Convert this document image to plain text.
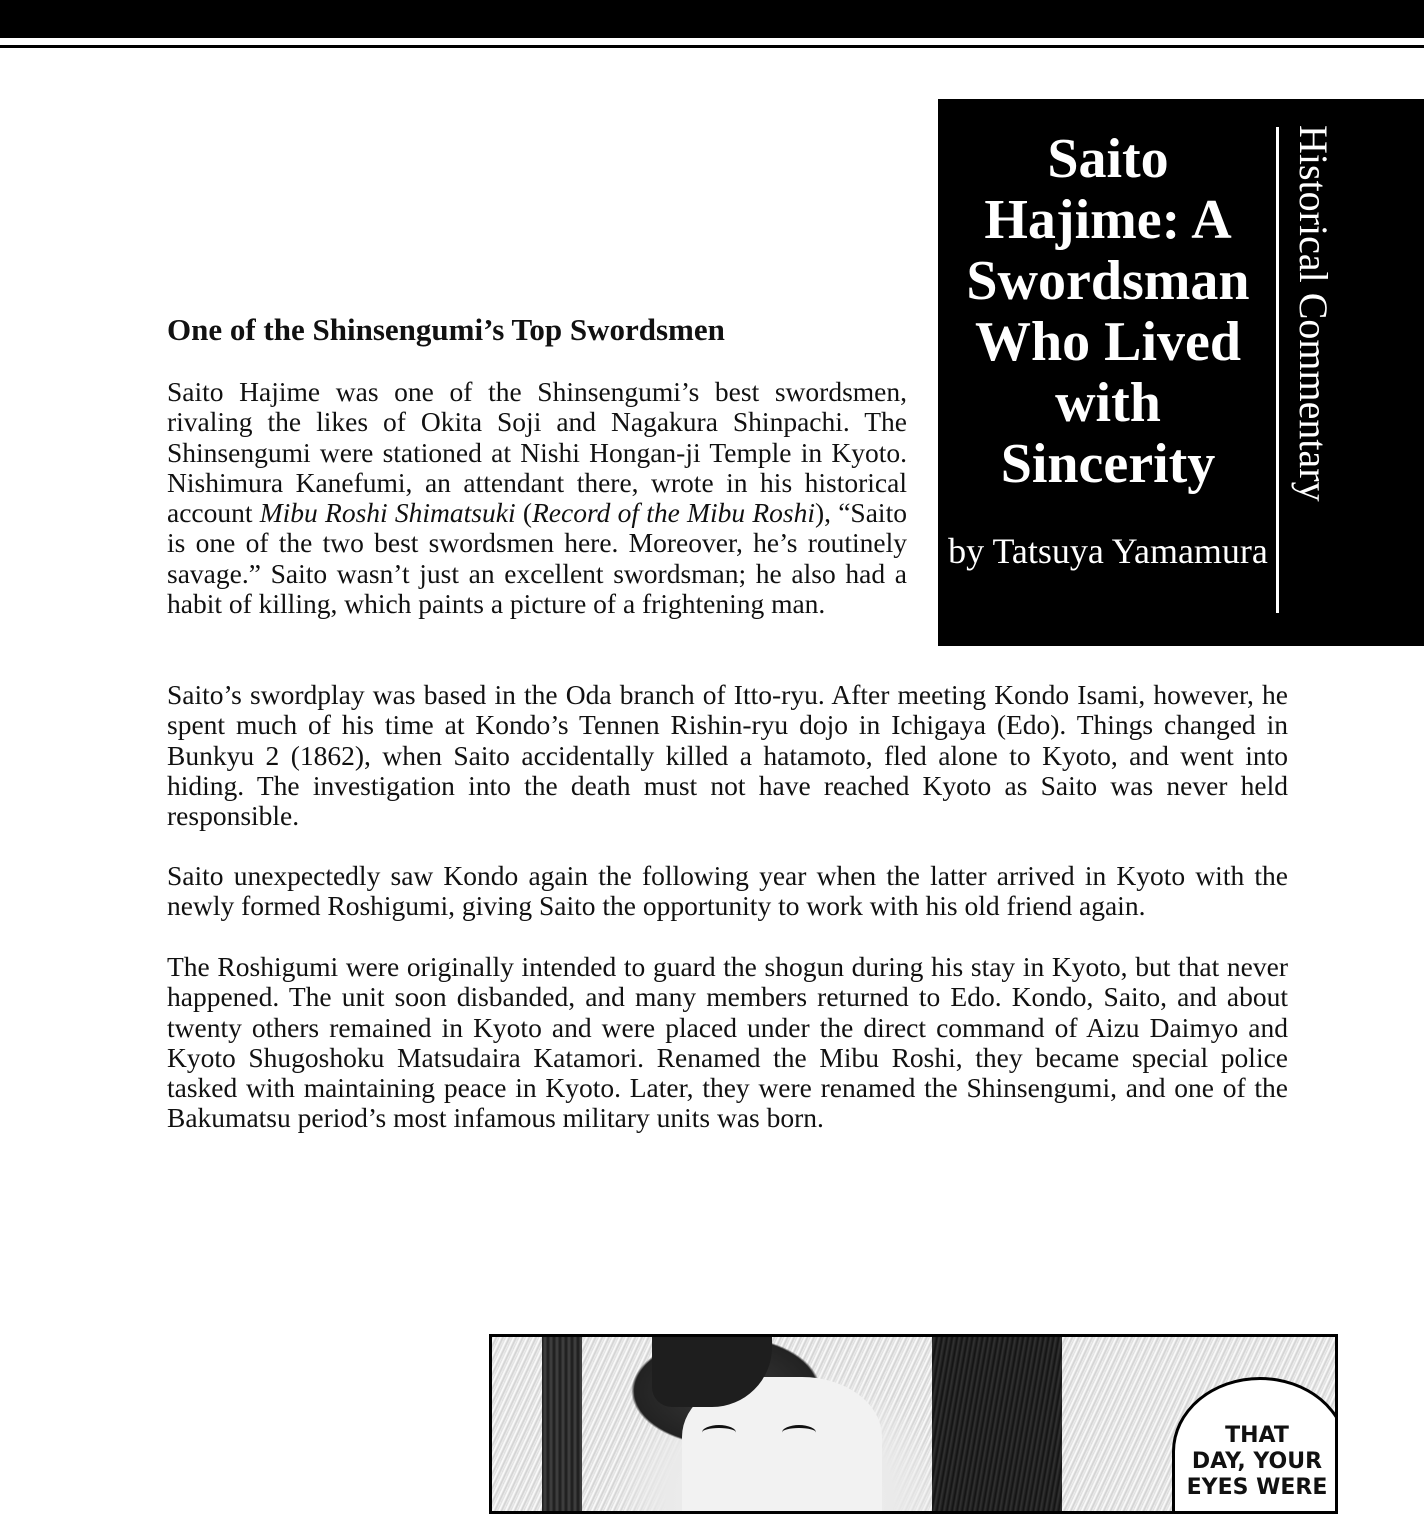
Saito Hajime: A Swordsman Who Lived with Sincerity

by Tatsuya Yamamura

Historical Commentary

One of the Shinsengumi’s Top Swordsmen

Saito Hajime was one of the Shinsengumi’s best swordsmen, rivaling the likes of Okita Soji and Nagakura Shinpachi. The Shinsengumi were stationed at Nishi Hongan-ji Temple in Kyoto. Nishimura Kanefumi, an attendant there, wrote in his historical account Mibu Roshi Shimatsuki (Record of the Mibu Roshi), “Saito is one of the two best swordsmen here. Moreover, he’s routinely savage.” Saito wasn’t just an excellent swordsman; he also had a habit of killing, which paints a picture of a frightening man.

Saito’s swordplay was based in the Oda branch of Itto-ryu. After meeting Kondo Isami, however, he spent much of his time at Kondo’s Tennen Rishin-ryu dojo in Ichigaya (Edo). Things changed in Bunkyu 2 (1862), when Saito accidentally killed a hatamoto, fled alone to Kyoto, and went into hiding. The investigation into the death must not have reached Kyoto as Saito was never held responsible.

Saito unexpectedly saw Kondo again the following year when the latter arrived in Kyoto with the newly formed Roshigumi, giving Saito the opportunity to work with his old friend again.

The Roshigumi were originally intended to guard the shogun during his stay in Kyoto, but that never happened. The unit soon disbanded, and many members returned to Edo. Kondo, Saito, and about twenty others remained in Kyoto and were placed under the direct command of Aizu Daimyo and Kyoto Shugoshoku Matsudaira Katamori. Renamed the Mibu Roshi, they became special police tasked with maintaining peace in Kyoto. Later, they were renamed the Shinsengumi, and one of the Bakumatsu period’s most infamous military units was born.

THAT
DAY, YOUR
EYES WERE
